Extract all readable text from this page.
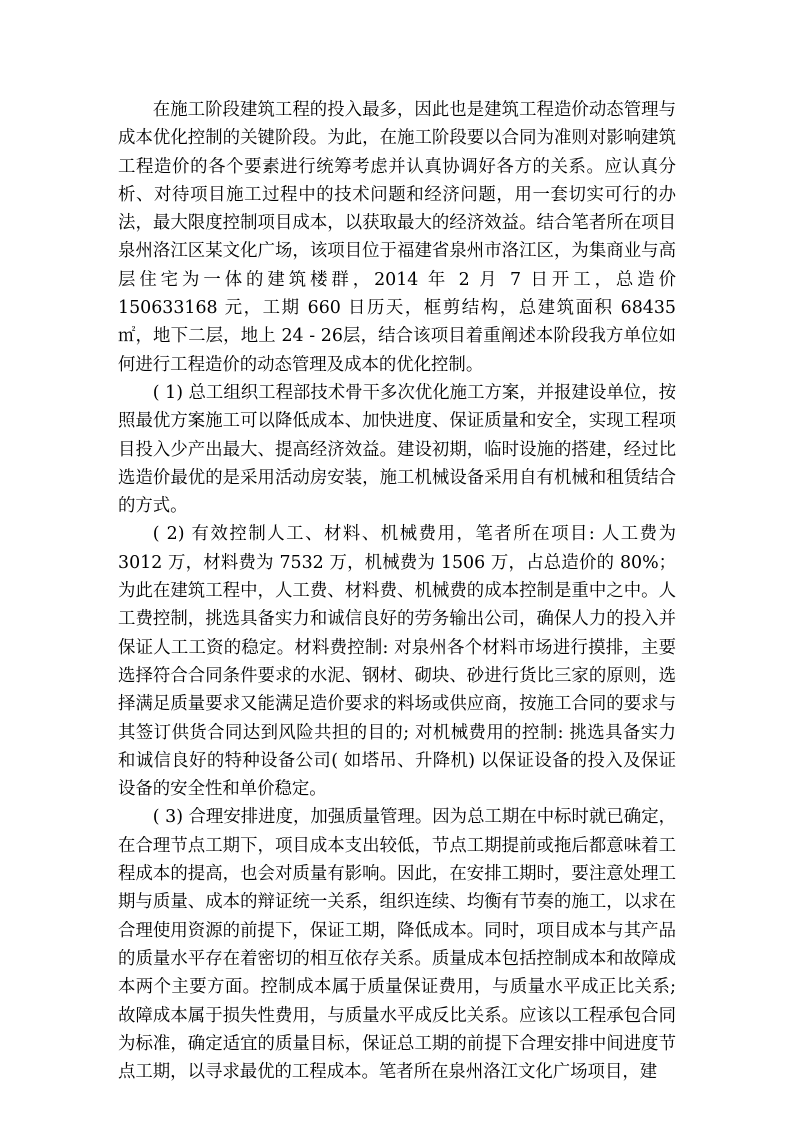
在施工阶段建筑工程的投入最多，因此也是建筑工程造价动态管理与成本优化控制的关键阶段。为此，在施工阶段要以合同为准则对影响建筑工程造价的各个要素进行统筹考虑并认真协调好各方的关系。应认真分析、对待项目施工过程中的技术问题和经济问题，用一套切实可行的办法，最大限度控制项目成本，以获取最大的经济效益。结合笔者所在项目泉州洛江区某文化广场，该项目位于福建省泉州市洛江区，为集商业与高层住宅为一体的建筑楼群，2014 年 2 月 7 日开工，总造价 150633168 元，工期 660 日历天，框剪结构，总建筑面积 68435 ㎡，地下二层，地上 24 - 26层，结合该项目着重阐述本阶段我方单位如何进行工程造价的动态管理及成本的优化控制。

( 1) 总工组织工程部技术骨干多次优化施工方案，并报建设单位，按照最优方案施工可以降低成本、加快进度、保证质量和安全，实现工程项目投入少产出最大、提高经济效益。建设初期，临时设施的搭建，经过比选造价最优的是采用活动房安装，施工机械设备采用自有机械和租赁结合的方式。

( 2) 有效控制人工、材料、机械费用，笔者所在项目: 人工费为 3012 万，材料费为 7532 万，机械费为 1506 万，占总造价的 80%；为此在建筑工程中，人工费、材料费、机械费的成本控制是重中之中。人工费控制，挑选具备实力和诚信良好的劳务输出公司，确保人力的投入并保证人工工资的稳定。材料费控制: 对泉州各个材料市场进行摸排，主要选择符合合同条件要求的水泥、钢材、砌块、砂进行货比三家的原则，选择满足质量要求又能满足造价要求的料场或供应商，按施工合同的要求与其签订供货合同达到风险共担的目的; 对机械费用的控制: 挑选具备实力和诚信良好的特种设备公司( 如塔吊、升降机) 以保证设备的投入及保证设备的安全性和单价稳定。

( 3) 合理安排进度，加强质量管理。因为总工期在中标时就已确定，在合理节点工期下，项目成本支出较低，节点工期提前或拖后都意味着工程成本的提高，也会对质量有影响。因此，在安排工期时，要注意处理工期与质量、成本的辩证统一关系，组织连续、均衡有节奏的施工，以求在合理使用资源的前提下，保证工期，降低成本。同时，项目成本与其产品的质量水平存在着密切的相互依存关系。质量成本包括控制成本和故障成本两个主要方面。控制成本属于质量保证费用，与质量水平成正比关系; 故障成本属于损失性费用，与质量水平成反比关系。应该以工程承包合同为标准，确定适宜的质量目标，保证总工期的前提下合理安排中间进度节点工期，以寻求最优的工程成本。笔者所在泉州洛江文化广场项目，建
